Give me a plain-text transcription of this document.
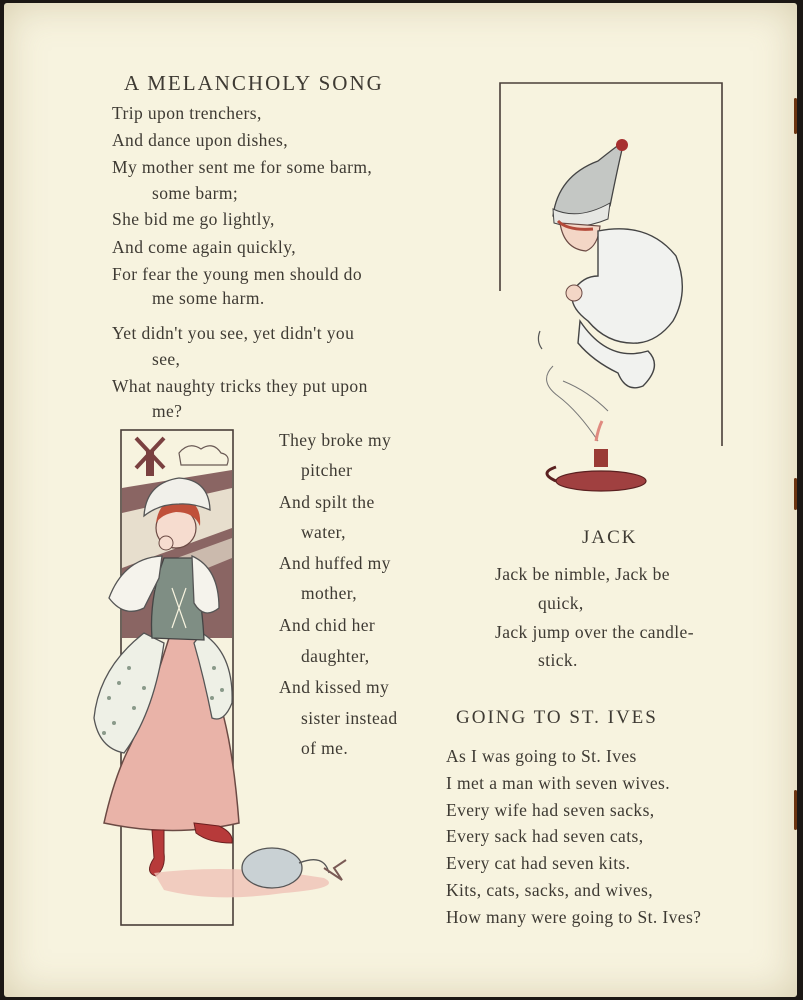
A MELANCHOLY SONG
Trip upon trenchers,
And dance upon dishes,
My mother sent me for some barm,
some barm;
She bid me go lightly,
And come again quickly,
For fear the young men should do
me some harm.
Yet didn't you see, yet didn't you
see,
What naughty tricks they put upon
me?
They broke my
pitcher
And spilt the
water,
And huffed my
mother,
And chid her
daughter,
And kissed my
sister instead
of me.
JACK
Jack be nimble, Jack be
quick,
Jack jump over the candle-
stick.
GOING TO ST. IVES
As I was going to St. Ives
I met a man with seven wives.
Every wife had seven sacks,
Every sack had seven cats,
Every cat had seven kits.
Kits, cats, sacks, and wives,
How many were going to St. Ives?
